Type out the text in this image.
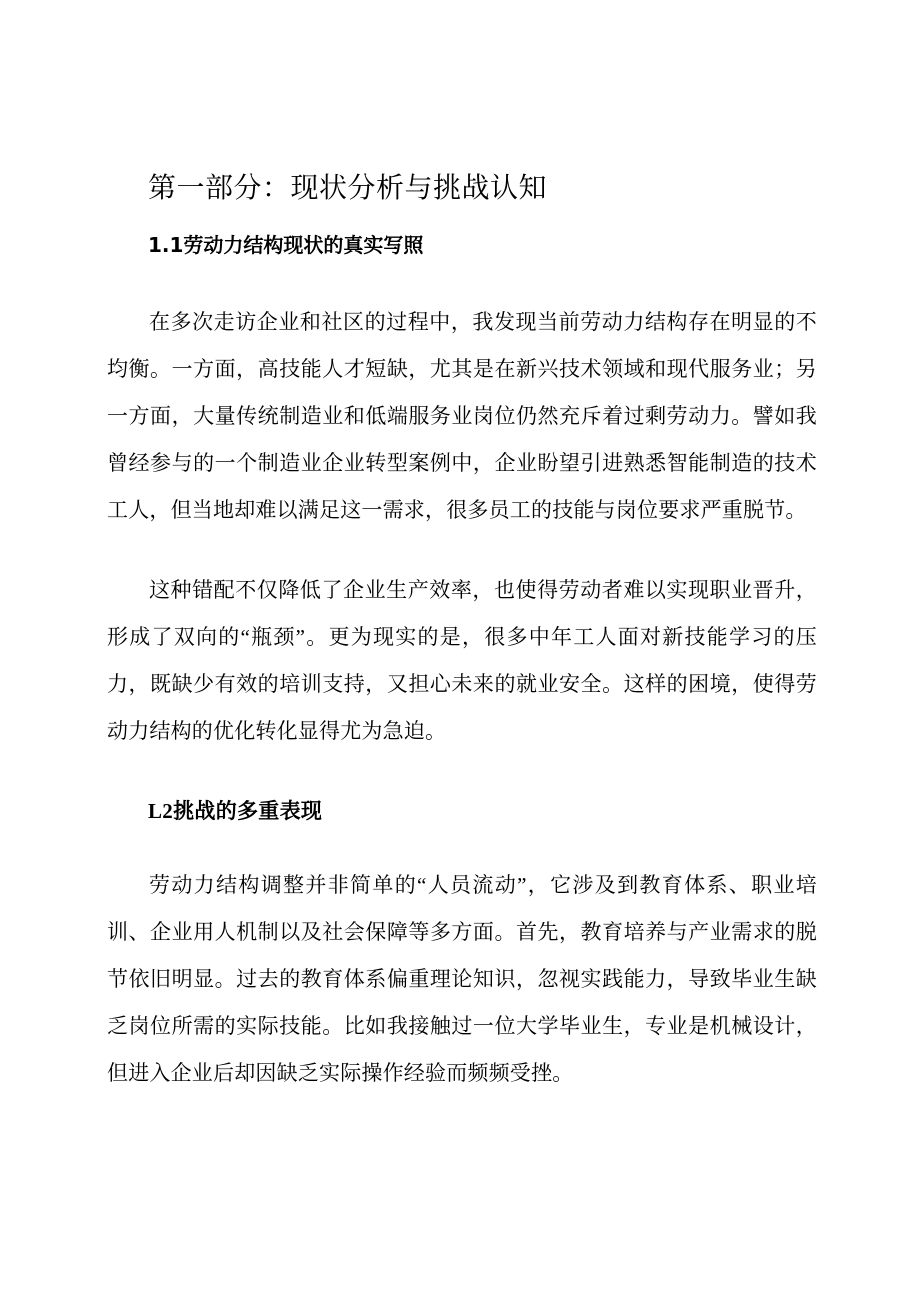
第一部分：现状分析与挑战认知
1.1劳动力结构现状的真实写照

在多次走访企业和社区的过程中，我发现当前劳动力结构存在明显的不均衡。一方面，高技能人才短缺，尤其是在新兴技术领域和现代服务业；另一方面，大量传统制造业和低端服务业岗位仍然充斥着过剩劳动力。譬如我曾经参与的一个制造业企业转型案例中，企业盼望引进熟悉智能制造的技术工人，但当地却难以满足这一需求，很多员工的技能与岗位要求严重脱节。

这种错配不仅降低了企业生产效率，也使得劳动者难以实现职业晋升，形成了双向的“瓶颈”。更为现实的是，很多中年工人面对新技能学习的压力，既缺少有效的培训支持，又担心未来的就业安全。这样的困境，使得劳动力结构的优化转化显得尤为急迫。

L2挑战的多重表现

劳动力结构调整并非简单的“人员流动”，它涉及到教育体系、职业培训、企业用人机制以及社会保障等多方面。首先，教育培养与产业需求的脱节依旧明显。过去的教育体系偏重理论知识，忽视实践能力，导致毕业生缺乏岗位所需的实际技能。比如我接触过一位大学毕业生，专业是机械设计，但进入企业后却因缺乏实际操作经验而频频受挫。
